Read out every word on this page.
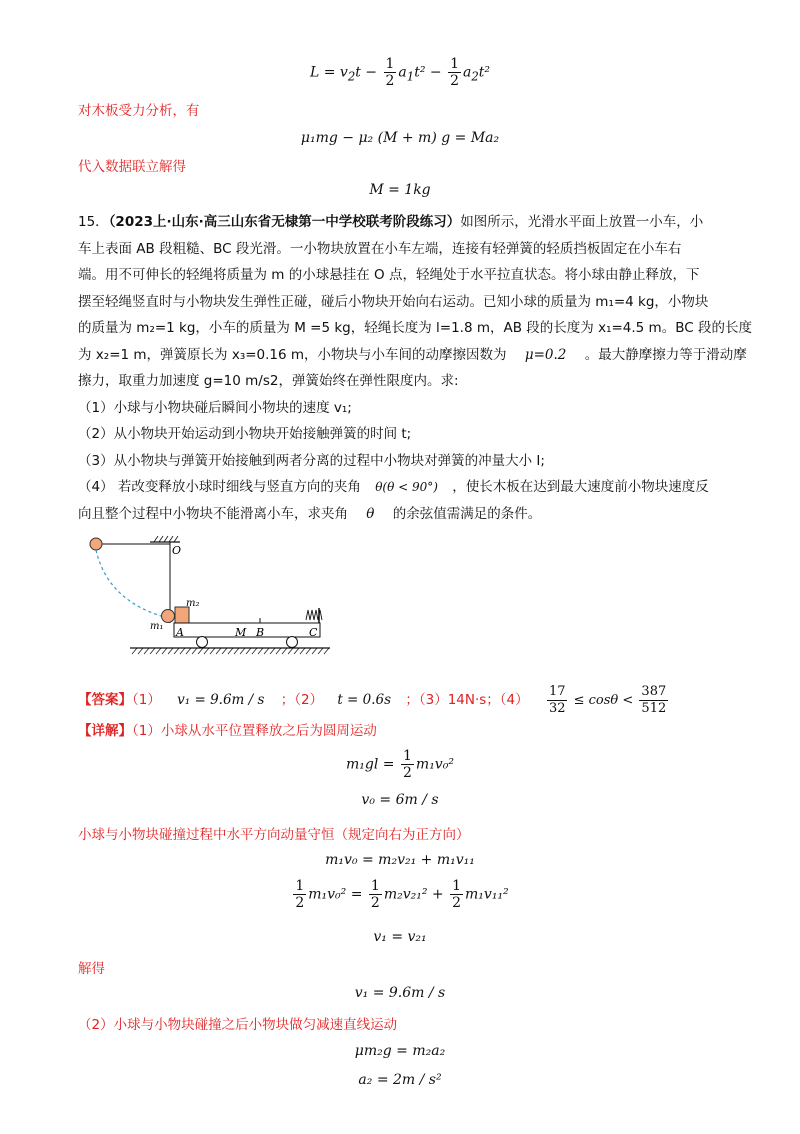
$L = v_2t - \frac{1}{2} a_1t^2 - \frac{1}{2} a_2t^2$
对木板受力分析，有
μ₁mg − μ₂ (M + m) g = Ma₂
代入数据联立解得
M = 1kg
15．（2023上·山东·高三山东省无棣第一中学校联考阶段练习）如图所示，光滑水平面上放置一小车，小
车上表面 AB 段粗糙、BC 段光滑。一小物块放置在小车左端，连接有轻弹簧的轻质挡板固定在小车右
端。用不可伸长的轻绳将质量为 m 的小球悬挂在 O 点，轻绳处于水平拉直状态。将小球由静止释放，下
摆至轻绳竖直时与小物块发生弹性正碰，碰后小物块开始向右运动。已知小球的质量为 m₁=4 kg，小物块
的质量为 m₂=1 kg，小车的质量为 M =5 kg，轻绳长度为 l=1.8 m，AB 段的长度为 x₁=4.5 m。BC 段的长度
为 x₂=1 m，弹簧原长为 x₃=0.16 m，小物块与小车间的动摩擦因数为 μ=0.2 。最大静摩擦力等于滑动摩
擦力，取重力加速度 g=10 m/s2，弹簧始终在弹性限度内。求:
（1）小球与小物块碰后瞬间小物块的速度 v₁;
（2）从小物块开始运动到小物块开始接触弹簧的时间 t;
（3）从小物块与弹簧开始接触到两者分离的过程中小物块对弹簧的冲量大小 I;
（4） 若改变释放小球时细线与竖直方向的夹角 θ(θ < 90°) ，使长木板在达到最大速度前小物块速度反
向且整个过程中小物块不能滑离小车，求夹角 θ 的余弦值需满足的条件。
O
m₂
m₁ A	M B	C
【答案】（1） v₁ = 9.6m / s ；（2） t = 0.6s ；（3）14N·s；$(4) \frac{17}{32} \le \cos\theta < \frac{387}{512}$
【详解】（1）小球从水平位置释放之后为圆周运动
$m_1gl = \frac{1}{2} m_1v_0^2$
v₀ = 6m / s
小球与小物块碰撞过程中水平方向动量守恒（规定向右为正方向）
m₁v₀ = m₂v₂₁ + m₁v₁₁
$\frac{1}{2} m_1v_0^2 = \frac{1}{2} m_2v_{21}^2 + \frac{1}{2} m_1v_{11}^2$
v₁ = v₂₁
解得
v₁ = 9.6m / s
（2）小球与小物块碰撞之后小物块做匀减速直线运动
μm₂g = m₂a₂
a₂ = 2m / s²
